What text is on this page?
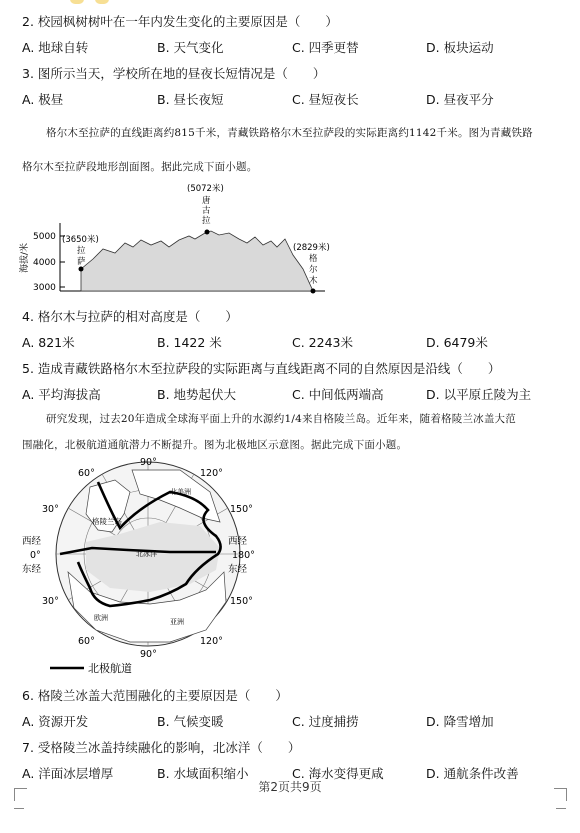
2. 校园枫树树叶在一年内发生变化的主要原因是（　　）
A. 地球自转	B. 天气变化	C. 四季更替	D. 板块运动
3. 图所示当天，学校所在地的昼夜长短情况是（　　）
A. 极昼	B. 昼长夜短	C. 昼短夜长	D. 昼夜平分
格尔木至拉萨的直线距离约815千米，青藏铁路格尔木至拉萨段的实际距离约1142千米。图为青藏铁路
格尔木至拉萨段地形剖面图。据此完成下面小题。
海拔/米
5000
4000
3000
(5072米)
唐
古
拉
(3650米)
拉
萨
(2829米)
格
尔
木
4. 格尔木与拉萨的相对高度是（　　）
A. 821米	B. 1422 米	C. 2243米	D. 6479米
5. 造成青藏铁路格尔木至拉萨段的实际距离与直线距离不同的自然原因是沿线（　　）
A. 平均海拔高	B. 地势起伏大	C. 中间低两端高	D. 以平原丘陵为主
研究发现，过去20年造成全球海平面上升的水源约1/4来自格陵兰岛。近年来，随着格陵兰冰盖大范
围融化，北极航道通航潜力不断提升。图为北极地区示意图。据此完成下面小题。
格陵兰岛
北美洲
北冰洋
欧洲	亚洲
60°
90°
120°
30°	150°
30°	150°
60°
90°
120°
西经
0°
东经
西经
180°
东经
北极航道
6. 格陵兰冰盖大范围融化的主要原因是（　　）
A. 资源开发	B. 气候变暖	C. 过度捕捞	D. 降雪增加
7. 受格陵兰冰盖持续融化的影响，北冰洋（　　）
A. 洋面冰层增厚	B. 水域面积缩小	C. 海水变得更咸	D. 通航条件改善
第2页共9页
